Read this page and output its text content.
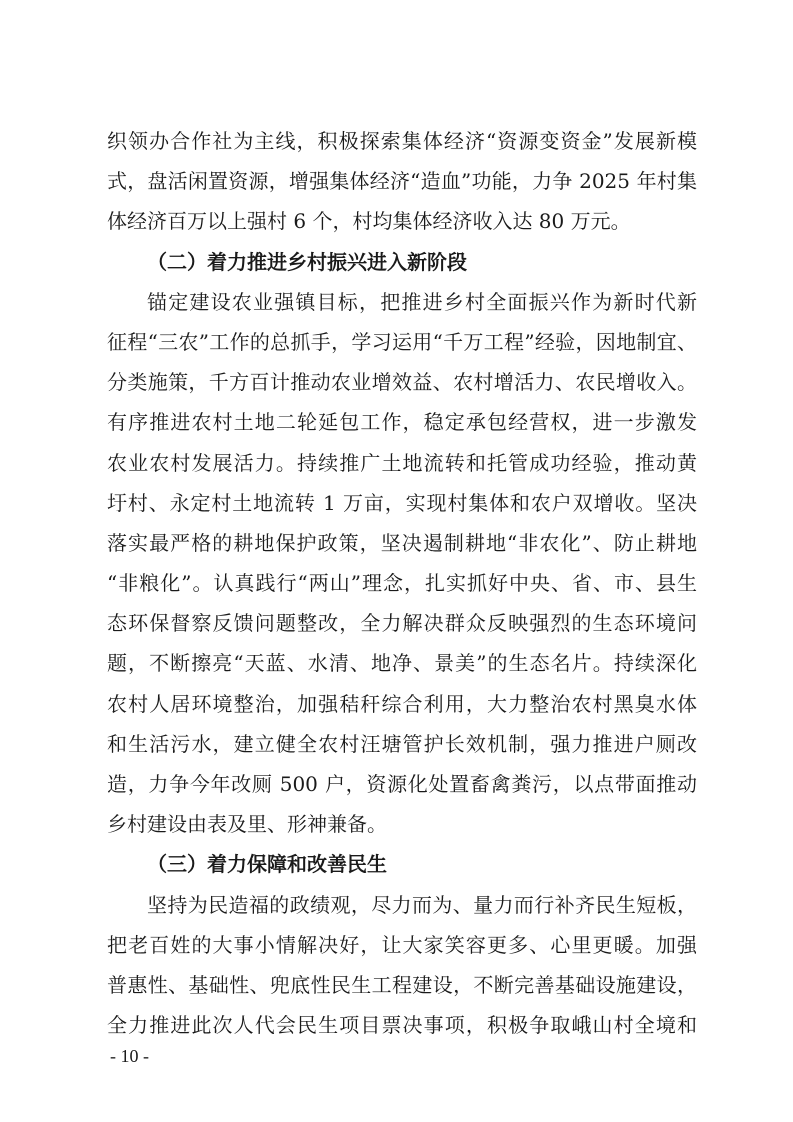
织领办合作社为主线，积极探索集体经济“资源变资金”发展新模
式，盘活闲置资源，增强集体经济“造血”功能，力争 2025 年村集
体经济百万以上强村 6 个，村均集体经济收入达 80 万元。
（二）着力推进乡村振兴进入新阶段
锚定建设农业强镇目标，把推进乡村全面振兴作为新时代新
征程“三农”工作的总抓手，学习运用“千万工程”经验，因地制宜、
分类施策，千方百计推动农业增效益、农村增活力、农民增收入。
有序推进农村土地二轮延包工作，稳定承包经营权，进一步激发
农业农村发展活力。持续推广土地流转和托管成功经验，推动黄
圩村、永定村土地流转 1 万亩，实现村集体和农户双增收。坚决
落实最严格的耕地保护政策，坚决遏制耕地“非农化”、防止耕地
“非粮化”。认真践行“两山”理念，扎实抓好中央、省、市、县生
态环保督察反馈问题整改，全力解决群众反映强烈的生态环境问
题，不断擦亮“天蓝、水清、地净、景美”的生态名片。持续深化
农村人居环境整治，加强秸秆综合利用，大力整治农村黑臭水体
和生活污水，建立健全农村汪塘管护长效机制，强力推进户厕改
造，力争今年改厕 500 户，资源化处置畜禽粪污，以点带面推动
乡村建设由表及里、形神兼备。
（三）着力保障和改善民生
坚持为民造福的政绩观，尽力而为、量力而行补齐民生短板，
把老百姓的大事小情解决好，让大家笑容更多、心里更暖。加强
普惠性、基础性、兜底性民生工程建设，不断完善基础设施建设，
全力推进此次人代会民生项目票决事项，积极争取峨山村全境和
- 10 -
